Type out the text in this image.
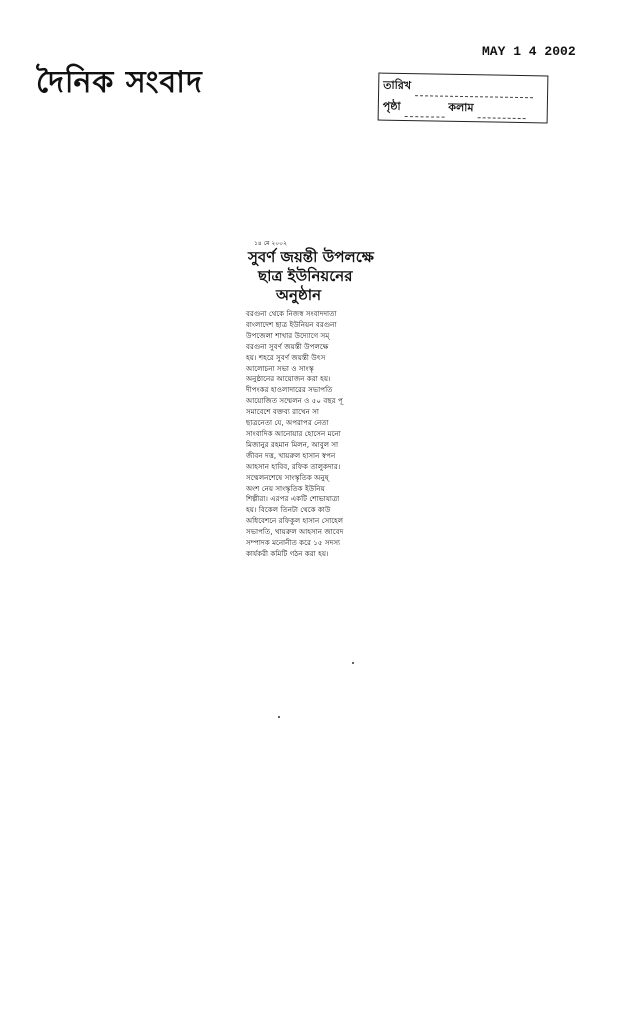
দৈনিক সংবাদ
MAY 1 4 2002
তারিখ
পৃষ্ঠা	কলাম
১৪ মে ২০০২
সুবর্ণ জয়ন্তী উপলক্ষে
ছাত্র ইউনিয়নের
অনুষ্ঠান
বরগুনা থেকে নিজস্ব সংবাদদাতা
বাংলাদেশ ছাত্র ইউনিয়ন বরগুনা
উপজেলা শাখার উদ্যোগে সম্
বরগুনা সুবর্ণ জয়ন্তী উপলক্ষে
হয়। শহরে সুবর্ণ জয়ন্তী উৎস
আলোচনা সভা ও সাংস্কৃ
অনুষ্ঠানের আয়োজন করা হয়।
দীপংকর হাওলাদারের সভাপতি
আয়োজিত সম্মেলন ও ৫০ বছর পূ
সমাবেশে বক্তব্য রাখেন সা
ছাত্রনেতা যে, অপরাপর নেতা
সাংবাদিক আনোয়ার হোসেন মনো
মিজানুর রহমান মিলন, আবুল সা
জীবন দত্ত, খায়রুল হাসান স্বপন
আহসান হাবিব, রফিক তালুকদার।
সম্মেলনশেষে সাংস্কৃতিক অনুষ্
অংশ নেয় সাংস্কৃতিক ইউনিয়
শিল্পীরা। এরপর একটি শোভাযাত্রা
হয়। বিকেল তিনটা থেকে কাউ
অধিবেশনে রফিকুল হাসান সোহেল
সভাপতি, খায়রুল আহসান জাবেদ
সম্পাদক মনোনীত করে ১৫ সদস্য
কার্যকরী কমিটি গঠন করা হয়।
